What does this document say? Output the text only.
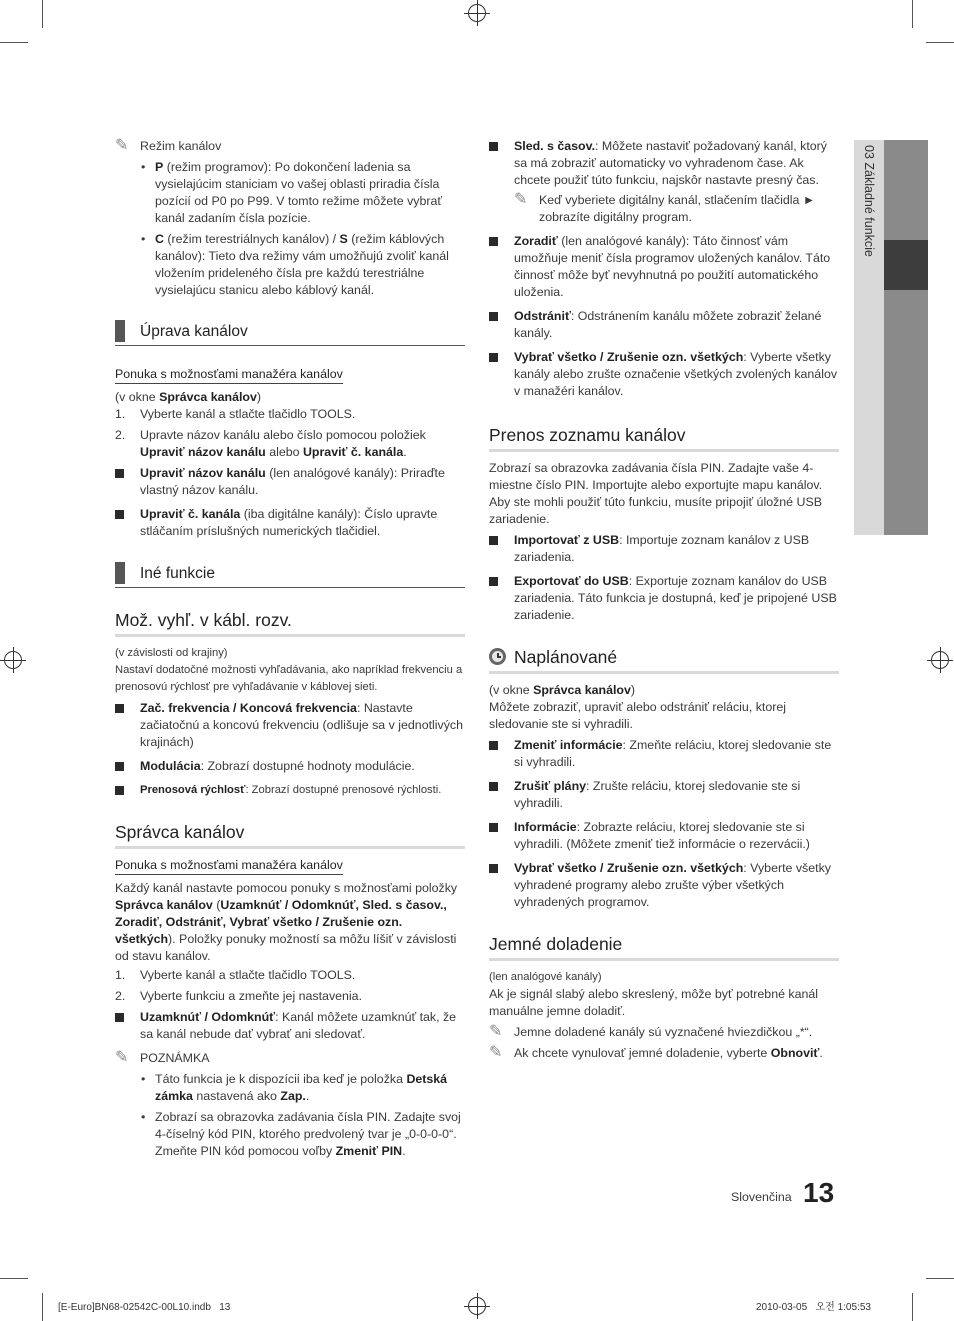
03 Základné funkcie
✎ Režim kanálov
• P (režim programov): Po dokončení ladenia sa vysielajúcim staniciam vo vašej oblasti priradia čísla pozícií od P0 po P99. V tomto režime môžete vybrať kanál zadaním čísla pozície.
• C (režim terestriálnych kanálov) / S (režim káblových kanálov): Tieto dva režimy vám umožňujú zvoliť kanál vložením prideleného čísla pre každú terestriálne vysielajúcu stanicu alebo káblový kanál.
Úprava kanálov
Ponuka s možnosťami manažéra kanálov

(v okne Správca kanálov)

1. Vyberte kanál a stlačte tlačidlo TOOLS.
2. Upravte názov kanálu alebo číslo pomocou položiek Upraviť názov kanálu alebo Upraviť č. kanála.
Upraviť názov kanálu (len analógové kanály): Priraďte vlastný názov kanálu.
Upraviť č. kanála (iba digitálne kanály): Číslo upravte stláčaním príslušných numerických tlačidiel.
Iné funkcie
Mož. vyhľ. v kábl. rozv.

(v závislosti od krajiny)

Nastaví dodatočné možnosti vyhľadávania, ako napríklad frekvenciu a prenosovú rýchlosť pre vyhľadávanie v káblovej sieti.

Zač. frekvencia / Koncová frekvencia: Nastavte začiatočnú a koncovú frekvenciu (odlišuje sa v jednotlivých krajinách)
Modulácia: Zobrazí dostupné hodnoty modulácie.
Prenosová rýchlosť: Zobrazí dostupné prenosové rýchlosti.
Správca kanálov
Ponuka s možnosťami manažéra kanálov

Každý kanál nastavte pomocou ponuky s možnosťami položky Správca kanálov (Uzamknúť / Odomknúť, Sled. s časov., Zoradiť, Odstrániť, Vybrať všetko / Zrušenie ozn. všetkých). Položky ponuky možností sa môžu líšiť v závislosti od stavu kanálov.

1. Vyberte kanál a stlačte tlačidlo TOOLS.
2. Vyberte funkciu a zmeňte jej nastavenia.
Uzamknúť / Odomknúť: Kanál môžete uzamknúť tak, že sa kanál nebude dať vybrať ani sledovať.
✎ POZNÁMKA
• Táto funkcia je k dispozícii iba keď je položka Detská zámka nastavená ako Zap..
• Zobrazí sa obrazovka zadávania čísla PIN. Zadajte svoj 4-číselný kód PIN, ktorého predvolený tvar je „0-0-0-0“. Zmeňte PIN kód pomocou voľby Zmeniť PIN.
Sled. s časov.: Môžete nastaviť požadovaný kanál, ktorý sa má zobraziť automaticky vo vyhradenom čase. Ak chcete použiť túto funkciu, najskôr nastavte presný čas.
✎ Keď vyberiete digitálny kanál, stlačením tlačidla ► zobrazíte digitálny program.
Zoradiť (len analógové kanály): Táto činnosť vám umožňuje meniť čísla programov uložených kanálov. Táto činnosť môže byť nevyhnutná po použití automatického uloženia.
Odstrániť: Odstránením kanálu môžete zobraziť želané kanály.
Vybrať všetko / Zrušenie ozn. všetkých: Vyberte všetky kanály alebo zrušte označenie všetkých zvolených kanálov v manažéri kanálov.
Prenos zoznamu kanálov

Zobrazí sa obrazovka zadávania čísla PIN. Zadajte vaše 4-miestne číslo PIN. Importujte alebo exportujte mapu kanálov. Aby ste mohli použiť túto funkciu, musíte pripojiť úložné USB zariadenie.

Importovať z USB: Importuje zoznam kanálov z USB zariadenia.
Exportovať do USB: Exportuje zoznam kanálov do USB zariadenia. Táto funkcia je dostupná, keď je pripojené USB zariadenie.
Naplánované

(v okne Správca kanálov)

Môžete zobraziť, upraviť alebo odstrániť reláciu, ktorej sledovanie ste si vyhradili.

Zmeniť informácie: Zmeňte reláciu, ktorej sledovanie ste si vyhradili.
Zrušiť plány: Zrušte reláciu, ktorej sledovanie ste si vyhradili.
Informácie: Zobrazte reláciu, ktorej sledovanie ste si vyhradili. (Môžete zmeniť tiež informácie o rezervácii.)
Vybrať všetko / Zrušenie ozn. všetkých: Vyberte všetky vyhradené programy alebo zrušte výber všetkých vyhradených programov.
Jemné doladenie

(len analógové kanály)

Ak je signál slabý alebo skreslený, môže byť potrebné kanál manuálne jemne doladiť.

✎ Jemne doladené kanály sú vyznačené hviezdičkou „*“.
✎ Ak chcete vynulovať jemné doladenie, vyberte Obnoviť.
Slovenčina 13
[E-Euro]BN68-02542C-00L10.indb   13	2010-03-05   오전 1:05:53
